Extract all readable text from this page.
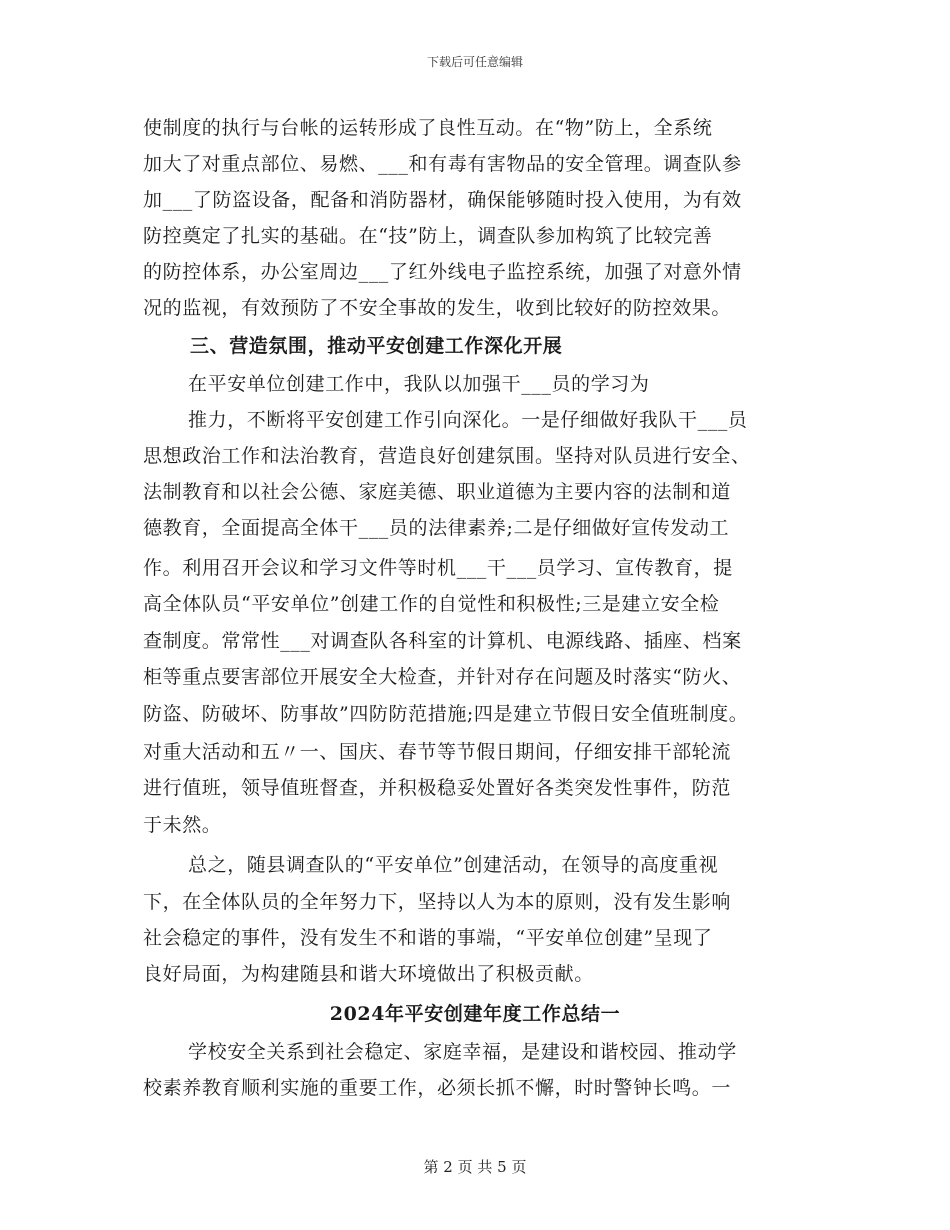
下载后可任意编辑
使制度的执行与台帐的运转形成了良性互动。在“物”防上，全系统
加大了对重点部位、易燃、___和有毒有害物品的安全管理。调查队参
加___了防盗设备，配备和消防器材，确保能够随时投入使用，为有效
防控奠定了扎实的基础。在“技”防上，调查队参加构筑了比较完善
的防控体系，办公室周边___了红外线电子监控系统，加强了对意外情
况的监视，有效预防了不安全事故的发生，收到比较好的防控效果。
三、营造氛围，推动平安创建工作深化开展
在平安单位创建工作中，我队以加强干___员的学习为
推力，不断将平安创建工作引向深化。一是仔细做好我队干___员
思想政治工作和法治教育，营造良好创建氛围。坚持对队员进行安全、
法制教育和以社会公德、家庭美德、职业道德为主要内容的法制和道
德教育，全面提高全体干___员的法律素养;二是仔细做好宣传发动工
作。利用召开会议和学习文件等时机___干___员学习、宣传教育，提
高全体队员“平安单位”创建工作的自觉性和积极性;三是建立安全检
查制度。常常性___对调查队各科室的计算机、电源线路、插座、档案
柜等重点要害部位开展安全大检查，并针对存在问题及时落实“防火、
防盗、防破坏、防事故”四防防范措施;四是建立节假日安全值班制度。
对重大活动和五〃一、国庆、春节等节假日期间，仔细安排干部轮流
进行值班，领导值班督查，并积极稳妥处置好各类突发性事件，防范
于未然。
总之，随县调查队的“平安单位”创建活动，在领导的高度重视
下，在全体队员的全年努力下，坚持以人为本的原则，没有发生影响
社会稳定的事件，没有发生不和谐的事端，“平安单位创建”呈现了
良好局面，为构建随县和谐大环境做出了积极贡献。
2024年平安创建年度工作总结一
学校安全关系到社会稳定、家庭幸福，是建设和谐校园、推动学
校素养教育顺利实施的重要工作，必须长抓不懈，时时警钟长鸣。一
第 2 页 共 5 页
